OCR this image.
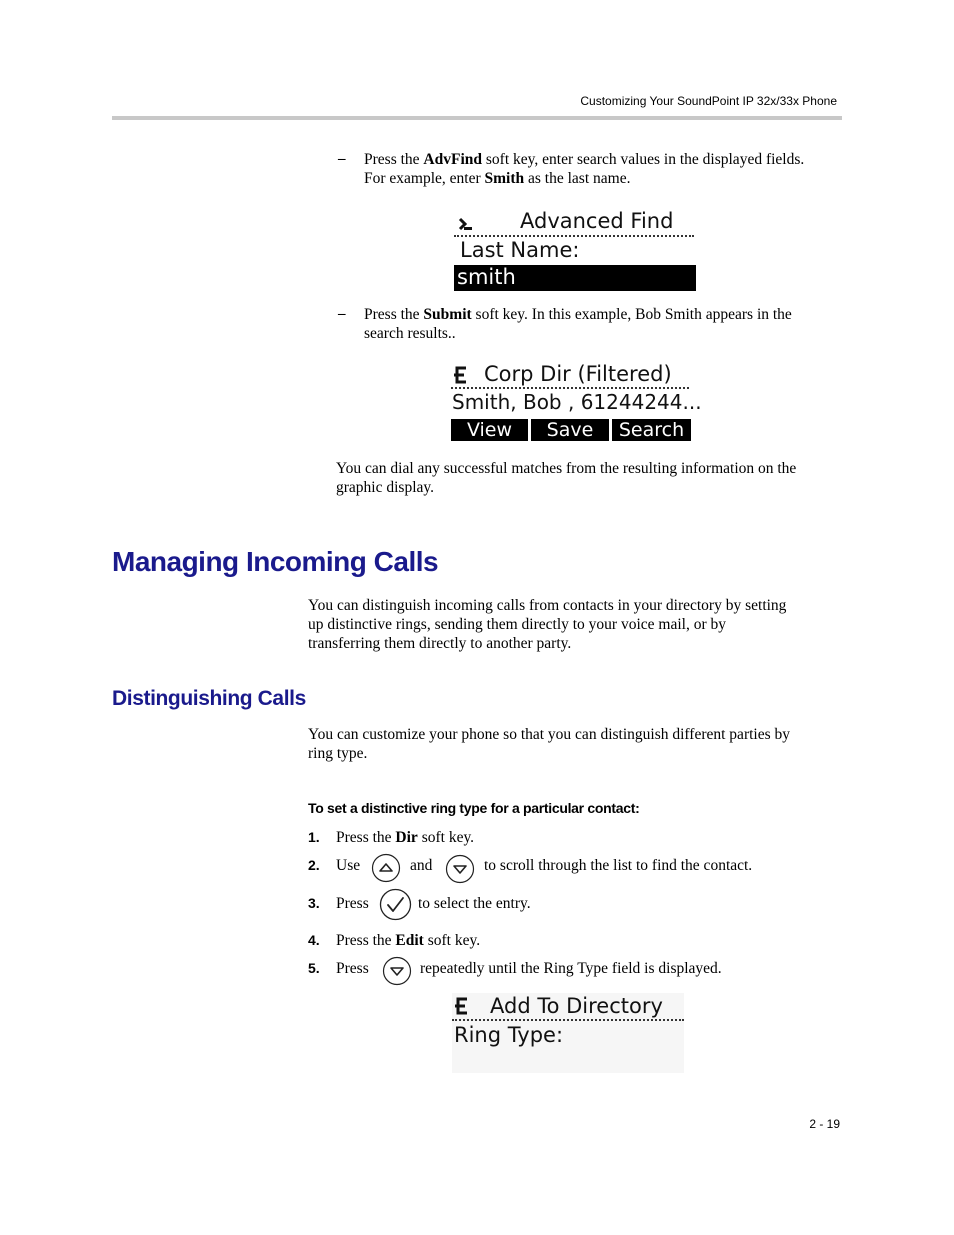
Customizing Your SoundPoint IP 32x/33x Phone
– Press the AdvFind soft key, enter search values in the displayed fields.
For example, enter Smith as the last name.
Advanced Find
Last Name:
smith
– Press the Submit soft key. In this example, Bob Smith appears in the
search results..
Corp Dir (Filtered)
Smith, Bob , 61244244...
View	Save	Search
You can dial any successful matches from the resulting information on the
graphic display.
Managing Incoming Calls
You can distinguish incoming calls from contacts in your directory by setting
up distinctive rings, sending them directly to your voice mail, or by
transferring them directly to another party.
Distinguishing Calls
You can customize your phone so that you can distinguish different parties by
ring type.
To set a distinctive ring type for a particular contact:
1. Press the Dir soft key.
2. Use	and	to scroll through the list to find the contact.
3. Press	to select the entry.
4. Press the Edit soft key.
5. Press	repeatedly until the Ring Type field is displayed.
Add To Directory
Ring Type:
2 - 19
